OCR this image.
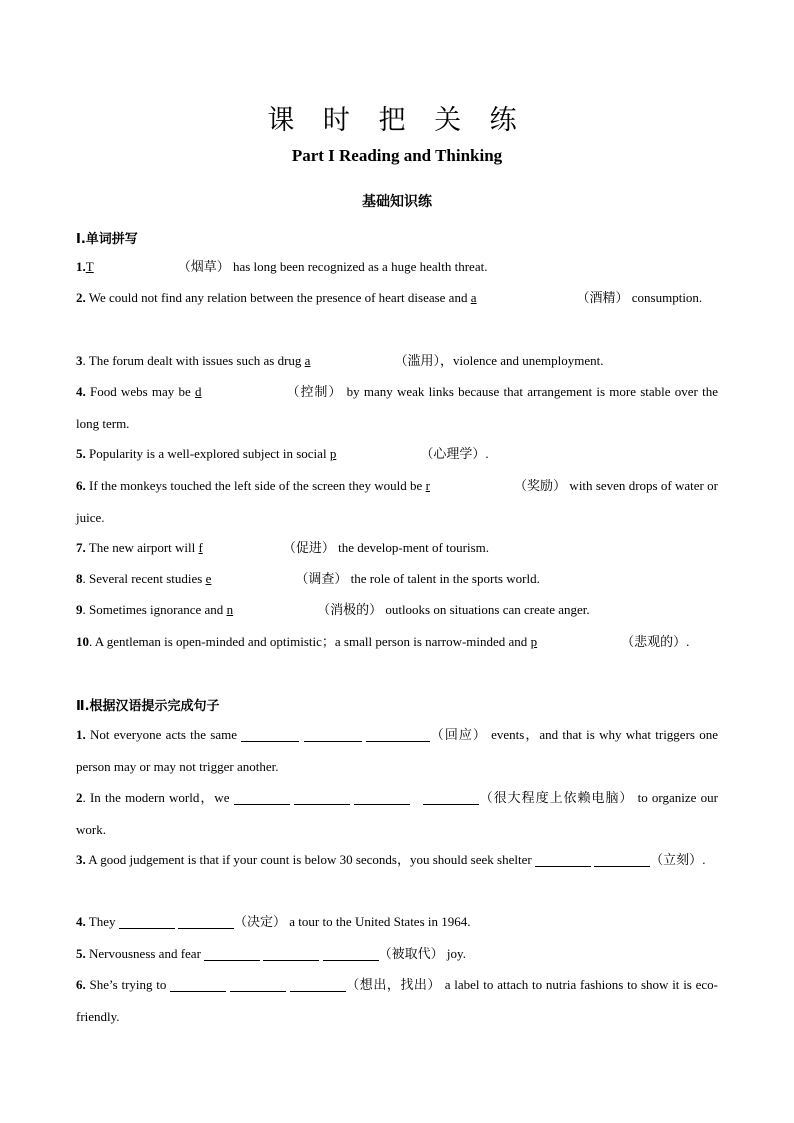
课 时 把 关 练
Part I Reading and Thinking
基础知识练
Ⅰ.单词拼写
1.T	（烟草） has long been recognized as a huge health threat.
2. We could not find any relation between the presence of heart disease and a	（酒精） consumption.
3. The forum dealt with issues such as drug a	（滥用），violence and unemployment.
4. Food webs may be d	（控制） by many weak links because that arrangement is more stable over the long term.
5. Popularity is a well-explored subject in social p	（心理学）.
6. If the monkeys touched the left side of the screen they would be r	（奖励） with seven drops of water or juice.
7. The new airport will f	（促进） the develop-ment of tourism.
8. Several recent studies e	（调查） the role of talent in the sports world.
9. Sometimes ignorance and n	（消极的） outlooks on situations can create anger.
10. A gentleman is open-minded and optimistic；a small person is narrow-minded and p	（悲观的）.
Ⅱ.根据汉语提示完成句子
1. Not everyone acts the same	（回应） events，and that is why what triggers one person may or may not trigger another.
2. In the modern world，we	（很大程度上依赖电脑） to organize our work.
3. A good judgement is that if your count is below 30 seconds，you should seek shelter	（立刻）.
4. They	（决定） a tour to the United States in 1964.
5. Nervousness and fear	（被取代） joy.
6. She’s trying to	（想出，找出） a label to attach to nutria fashions to show it is eco-friendly.
